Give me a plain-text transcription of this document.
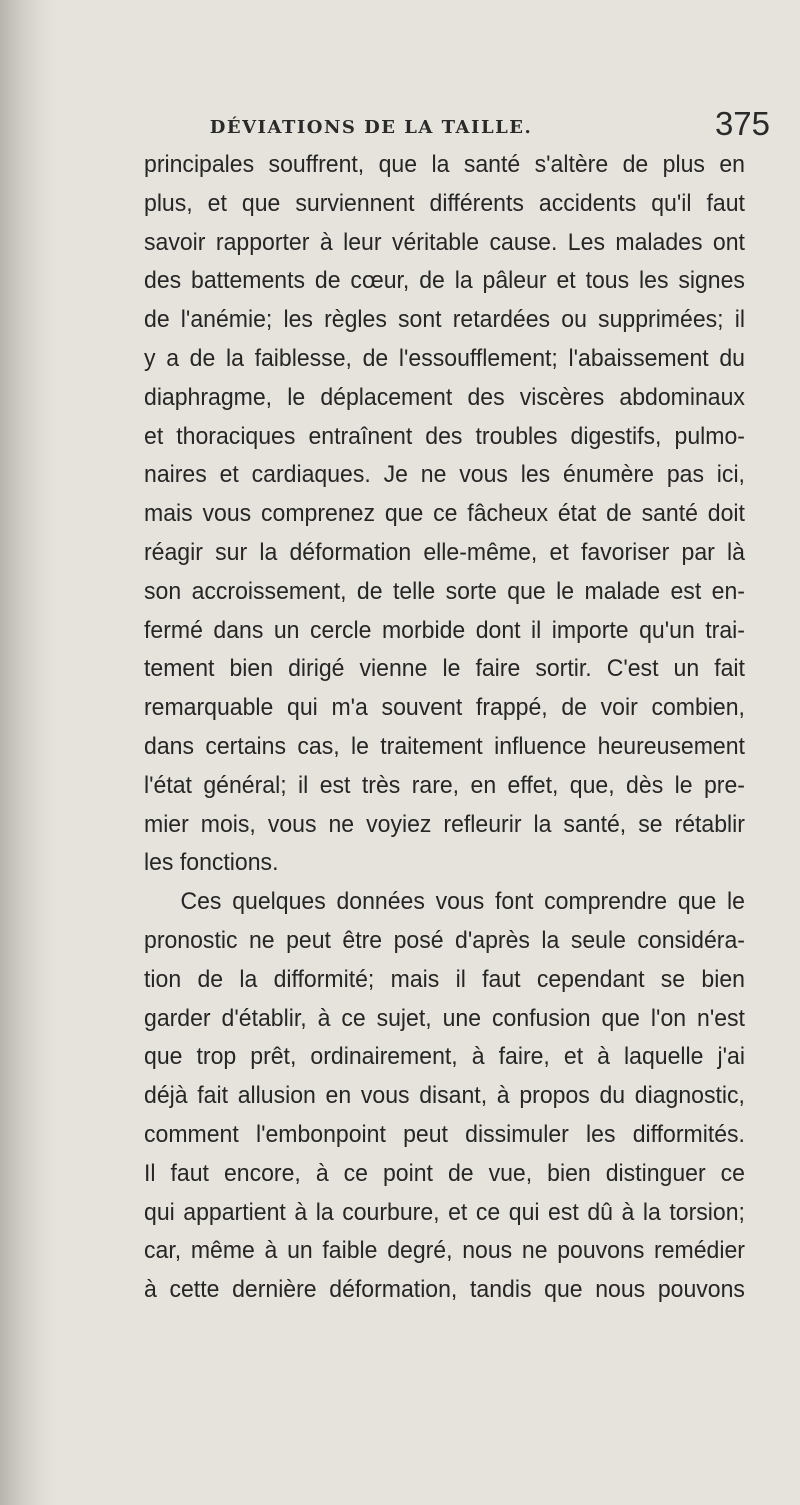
DÉVIATIONS DE LA TAILLE.	375
principales souffrent, que la santé s'altère de plus en
plus, et que surviennent différents accidents qu'il faut
savoir rapporter à leur véritable cause. Les malades ont
des battements de cœur, de la pâleur et tous les signes
de l'anémie; les règles sont retardées ou supprimées; il
y a de la faiblesse, de l'essoufflement; l'abaissement du
diaphragme, le déplacement des viscères abdominaux
et thoraciques entraînent des troubles digestifs, pulmo-
naires et cardiaques. Je ne vous les énumère pas ici,
mais vous comprenez que ce fâcheux état de santé doit
réagir sur la déformation elle-même, et favoriser par là
son accroissement, de telle sorte que le malade est en-
fermé dans un cercle morbide dont il importe qu'un trai-
tement bien dirigé vienne le faire sortir. C'est un fait
remarquable qui m'a souvent frappé, de voir combien,
dans certains cas, le traitement influence heureusement
l'état général; il est très rare, en effet, que, dès le pre-
mier mois, vous ne voyiez refleurir la santé, se rétablir
les fonctions.
Ces quelques données vous font comprendre que le
pronostic ne peut être posé d'après la seule considéra-
tion de la difformité; mais il faut cependant se bien
garder d'établir, à ce sujet, une confusion que l'on n'est
que trop prêt, ordinairement, à faire, et à laquelle j'ai
déjà fait allusion en vous disant, à propos du diagnostic,
comment l'embonpoint peut dissimuler les difformités.
Il faut encore, à ce point de vue, bien distinguer ce
qui appartient à la courbure, et ce qui est dû à la torsion;
car, même à un faible degré, nous ne pouvons remédier
à cette dernière déformation, tandis que nous pouvons
